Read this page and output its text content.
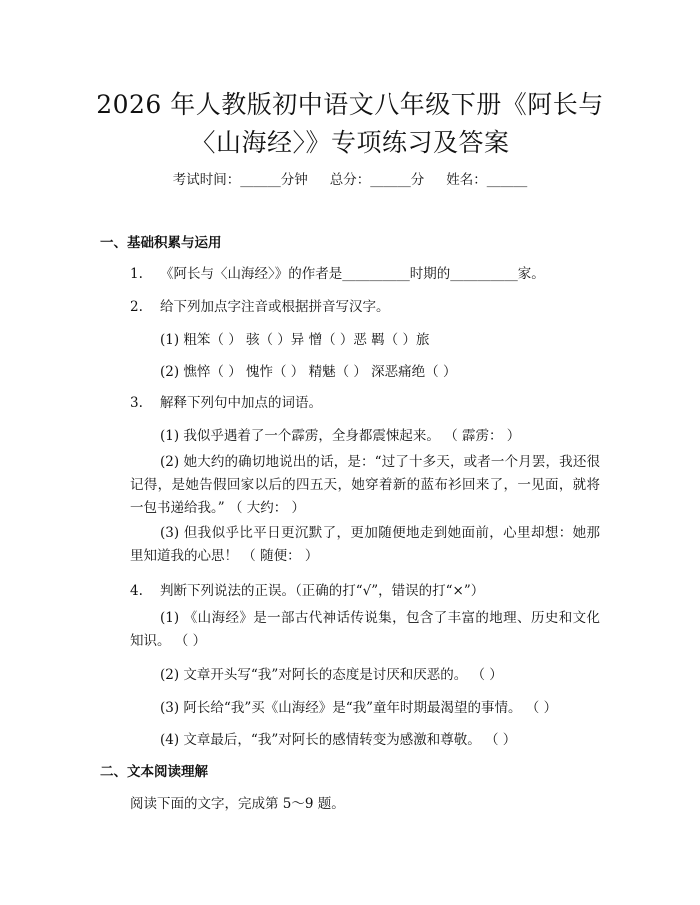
2026 年人教版初中语文八年级下册《阿长与
〈山海经〉》专项练习及答案
考试时间：______分钟 总分：______分 姓名：______
一、基础积累与运用
1. 《阿长与〈山海经〉》的作者是__________时期的__________家。
2. 给下列加点字注音或根据拼音写汉字。
(1) 粗笨（ ） 骇（ ）异 憎（ ）恶 羁（ ）旅
(2) 憔悴（ ） 愧怍（ ） 精魅（ ） 深恶痛绝（ ）
3. 解释下列句中加点的词语。
(1) 我似乎遇着了一个霹雳，全身都震悚起来。 （ 霹雳： ）
(2) 她大约的确切地说出的话，是：“过了十多天，或者一个月罢，我还很记得，是她告假回家以后的四五天，她穿着新的蓝布衫回来了，一见面，就将一包书递给我。” （ 大约： ）
(3) 但我似乎比平日更沉默了，更加随便地走到她面前，心里却想：她那里知道我的心思！ （ 随便： ）
4. 判断下列说法的正误。（正确的打“√”，错误的打“×”）
(1) 《山海经》是一部古代神话传说集，包含了丰富的地理、历史和文化知识。 （ ）
(2) 文章开头写“我”对阿长的态度是讨厌和厌恶的。 （ ）
(3) 阿长给“我”买《山海经》是“我”童年时期最渴望的事情。 （ ）
(4) 文章最后，“我”对阿长的感情转变为感激和尊敬。 （ ）
二、文本阅读理解
阅读下面的文字，完成第 5～9 题。
